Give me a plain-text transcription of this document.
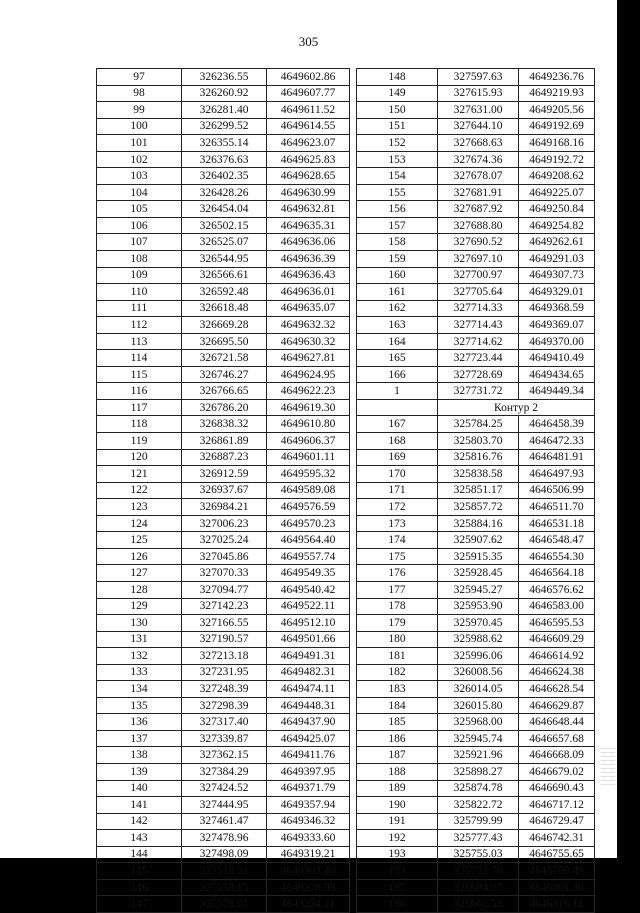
305
97	326236.55	4649602.86
98	326260.92	4649607.77
99	326281.40	4649611.52
100	326299.52	4649614.55
101	326355.14	4649623.07
102	326376.63	4649625.83
103	326402.35	4649628.65
104	326428.26	4649630.99
105	326454.04	4649632.81
106	326502.15	4649635.31
107	326525.07	4649636.06
108	326544.95	4649636.39
109	326566.61	4649636.43
110	326592.48	4649636.01
111	326618.48	4649635.07
112	326669.28	4649632.32
113	326695.50	4649630.32
114	326721.58	4649627.81
115	326746.27	4649624.95
116	326766.65	4649622.23
117	326786.20	4649619.30
118	326838.32	4649610.80
119	326861.89	4649606.37
120	326887.23	4649601.11
121	326912.59	4649595.32
122	326937.67	4649589.08
123	326984.21	4649576.59
124	327006.23	4649570.23
125	327025.24	4649564.40
126	327045.86	4649557.74
127	327070.33	4649549.35
128	327094.77	4649540.42
129	327142.23	4649522.11
130	327166.55	4649512.10
131	327190.57	4649501.66
132	327213.18	4649491.31
133	327231.95	4649482.31
134	327248.39	4649474.11
135	327298.39	4649448.31
136	327317.40	4649437.90
137	327339.87	4649425.07
138	327362.15	4649411.76
139	327384.29	4649397.95
140	327424.52	4649371.79
141	327444.95	4649357.94
142	327461.47	4649346.32
143	327478.96	4649333.60
144	327498.09	4649319.21
145	327518.21	4649303.46
146	327558.15	4649270.99
147	327578.01	4649254.11
148	327597.63	4649236.76
149	327615.93	4649219.93
150	327631.00	4649205.56
151	327644.10	4649192.69
152	327668.63	4649168.16
153	327674.36	4649192.72
154	327678.07	4649208.62
155	327681.91	4649225.07
156	327687.92	4649250.84
157	327688.80	4649254.82
158	327690.52	4649262.61
159	327697.10	4649291.03
160	327700.97	4649307.73
161	327705.64	4649329.01
162	327714.33	4649368.59
163	327714.43	4649369.07
164	327714.62	4649370.00
165	327723.44	4649410.49
166	327728.69	4649434.65
1	327731.72	4649449.34
	Контур 2	
167	325784.25	4646458.39
168	325803.70	4646472.33
169	325816.76	4646481.91
170	325838.58	4646497.93
171	325851.17	4646506.99
172	325857.72	4646511.70
173	325884.16	4646531.18
174	325907.62	4646548.47
175	325915.35	4646554.30
176	325928.45	4646564.18
177	325945.27	4646576.62
178	325953.90	4646583.00
179	325970.45	4646595.53
180	325988.62	4646609.29
181	325996.06	4646614.92
182	326008.56	4646624.38
183	326014.05	4646628.54
184	326015.80	4646629.87
185	325968.00	4646648.44
186	325945.74	4646657.68
187	325921.96	4646668.09
188	325898.27	4646679.02
189	325874.78	4646690.43
190	325822.72	4646717.12
191	325799.99	4646729.47
192	325777.43	4646742.31
193	325755.03	4646755.65
194	325732.78	4646769.49
195	325684.07	4646801.30
196	325662.53	4646816.11
